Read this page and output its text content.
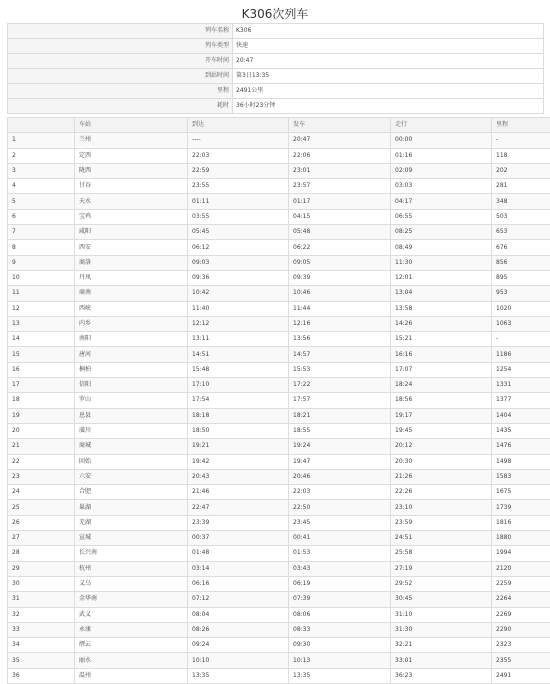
K306次列车
列车名称	K306
列车类型	快速
开车时间	20:47
到站时间	第3日13:35
里程	2491公里
耗时	36小时23分钟
	车站	到达	发车	走行	里程
1	兰州	----	20:47	00:00	-
2	定西	22:03	22:06	01:16	118
3	陇西	22:59	23:01	02:09	202
4	甘谷	23:55	23:57	03:03	281
5	天水	01:11	01:17	04:17	348
6	宝鸡	03:55	04:15	06:55	503
7	咸阳	05:45	05:48	08:25	653
8	西安	06:12	06:22	08:49	676
9	商洛	09:03	09:05	11:30	856
10	丹凤	09:36	09:39	12:01	895
11	商南	10:42	10:46	13:04	953
12	西峡	11:40	11:44	13:58	1020
13	内乡	12:12	12:16	14:26	1063
14	南阳	13:11	13:56	15:21	-
15	唐河	14:51	14:57	16:16	1186
16	桐柏	15:48	15:53	17:07	1254
17	信阳	17:10	17:22	18:24	1331
18	罗山	17:54	17:57	18:56	1377
19	息县	18:18	18:21	19:17	1404
20	潢川	18:50	18:55	19:45	1435
21	商城	19:21	19:24	20:12	1476
22	固始	19:42	19:47	20:30	1498
23	六安	20:43	20:46	21:26	1583
24	合肥	21:46	22:03	22:26	1675
25	巢湖	22:47	22:50	23:10	1739
26	芜湖	23:39	23:45	23:59	1816
27	宣城	00:37	00:41	24:51	1880
28	长兴南	01:48	01:53	25:58	1994
29	杭州	03:14	03:43	27:19	2120
30	义乌	06:16	06:19	29:52	2259
31	金华南	07:12	07:39	30:45	2264
32	武义	08:04	08:06	31:10	2269
33	永康	08:26	08:33	31:30	2290
34	缙云	09:24	09:30	32:21	2323
35	丽水	10:10	10:13	33:01	2355
36	温州	13:35	13:35	36:23	2491
